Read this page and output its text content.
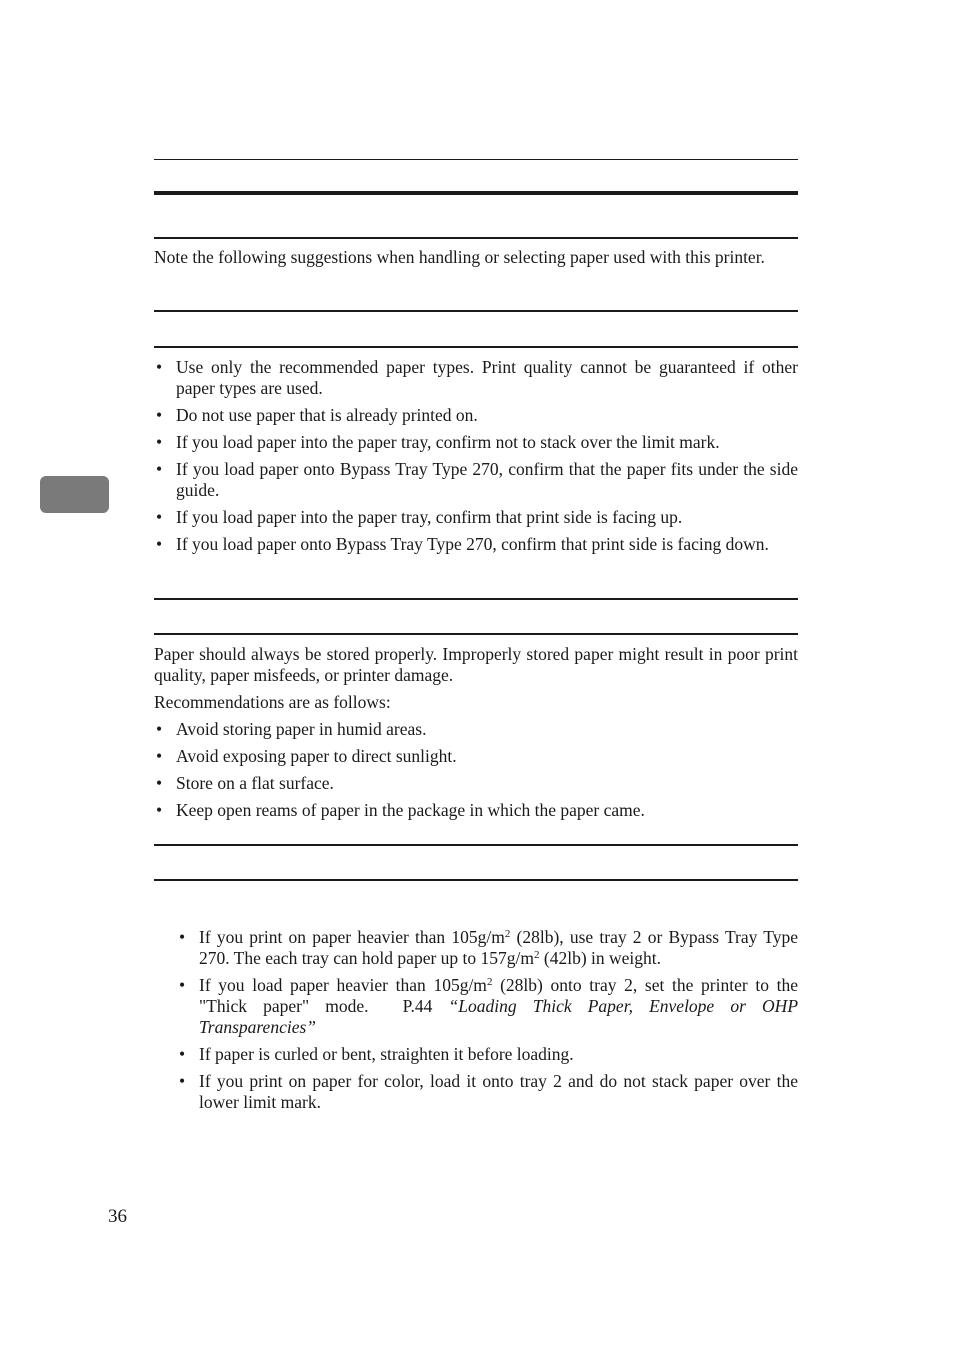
Note the following suggestions when handling or selecting paper used with this printer.
• Use only the recommended paper types. Print quality cannot be guaranteed if other paper types are used.
• Do not use paper that is already printed on.
• If you load paper into the paper tray, confirm not to stack over the limit mark.
• If you load paper onto Bypass Tray Type 270, confirm that the paper fits under the side guide.
• If you load paper into the paper tray, confirm that print side is facing up.
• If you load paper onto Bypass Tray Type 270, confirm that print side is facing down.
Paper should always be stored properly. Improperly stored paper might result in poor print quality, paper misfeeds, or printer damage.
Recommendations are as follows:
• Avoid storing paper in humid areas.
• Avoid exposing paper to direct sunlight.
• Store on a flat surface.
• Keep open reams of paper in the package in which the paper came.
• If you print on paper heavier than $105g/m^2$ (28lb), use tray 2 or Bypass Tray Type 270. The each tray can hold paper up to $157g/m^2$ (42lb) in weight.
• If you load paper heavier than $105g/m^2$ (28lb) onto tray 2, set the printer to the "Thick paper" mode. P.44 “Loading Thick Paper, Envelope or OHP Transparencies”
• If paper is curled or bent, straighten it before loading.
• If you print on paper for color, load it onto tray 2 and do not stack paper over the lower limit mark.
36
